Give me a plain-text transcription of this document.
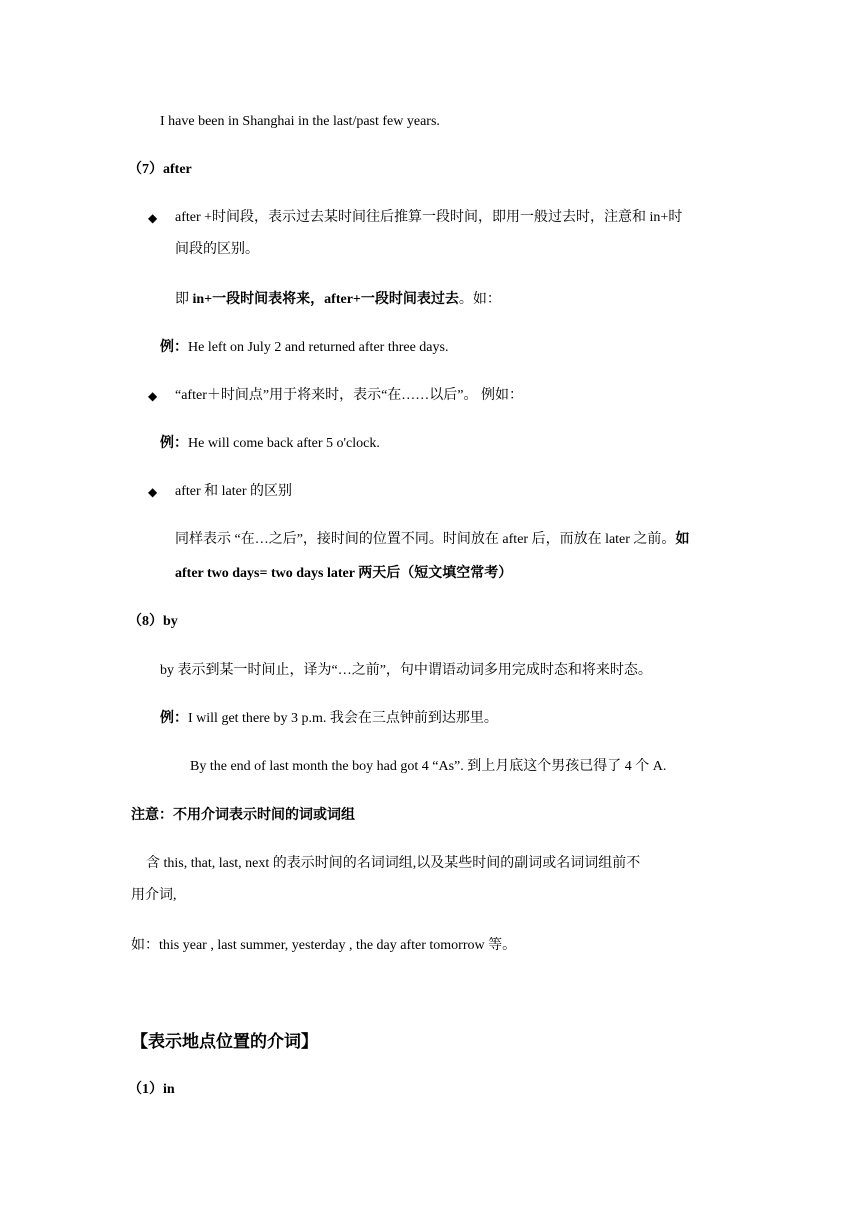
I have been in Shanghai in the last/past few years.
（7）after
◆ after +时间段，表示过去某时间往后推算一段时间，即用一般过去时，注意和 in+时
间段的区别。
即 in+一段时间表将来，after+一段时间表过去。如：
例：He left on July 2 and returned after three days.
◆ “after＋时间点”用于将来时，表示“在……以后”。 例如：
例：He will come back after 5 o'clock.
◆ after 和 later 的区别
同样表示 “在…之后”，接时间的位置不同。时间放在 after 后，而放在 later 之前。如
after two days= two days later 两天后（短文填空常考）
（8）by
by 表示到某一时间止，译为“…之前”，句中谓语动词多用完成时态和将来时态。
例：I will get there by 3 p.m. 我会在三点钟前到达那里。
By the end of last month the boy had got 4 “As”. 到上月底这个男孩已得了 4 个 A.
注意：不用介词表示时间的词或词组
含 this, that, last, next 的表示时间的名词词组,以及某些时间的副词或名词词组前不
用介词,
如：this year , last summer, yesterday , the day after tomorrow 等。
【表示地点位置的介词】
（1）in
